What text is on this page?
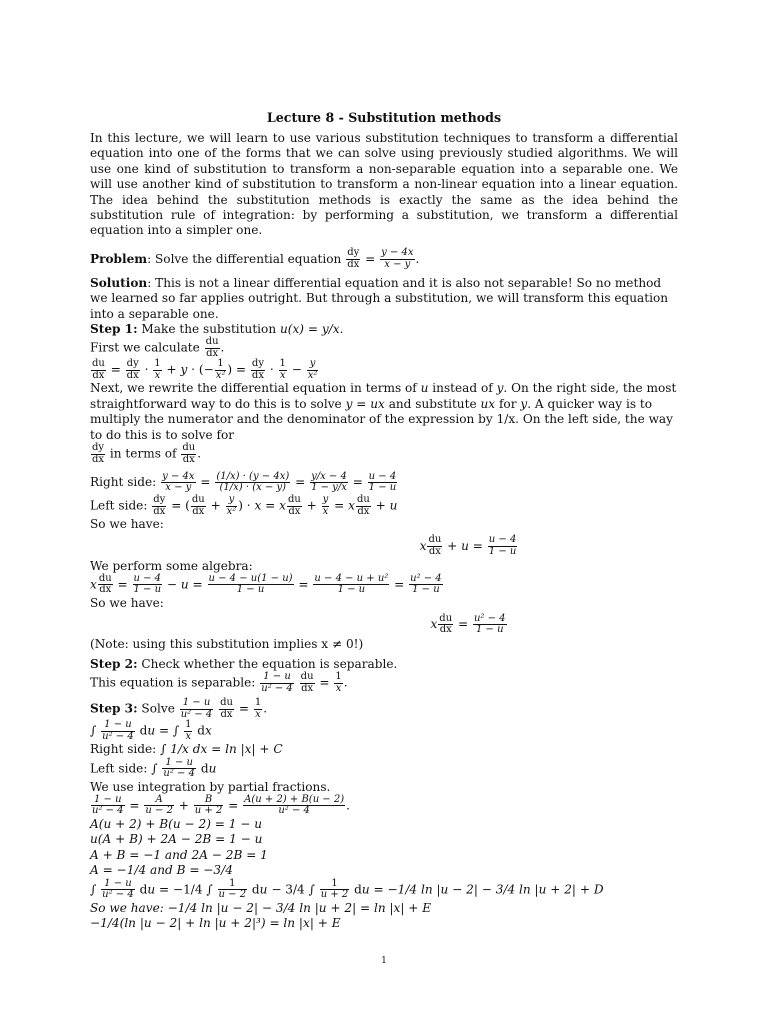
Lecture 8 - Substitution methods

In this lecture, we will learn to use various substitution techniques to transform a differential equation into one of the forms that we can solve using previously studied algorithms. We will use one kind of substitution to transform a non-separable equation into a separable one. We will use another kind of substitution to transform a non-linear equation into a linear equation. The idea behind the substitution methods is exactly the same as the idea behind the substitution rule of integration: by performing a substitution, we transform a differential equation into a simpler one.

Problem: Solve the differential equation $\frac{dy}{dx} = \frac{y - 4x}{x - y}$ .

Solution: This is not a linear differential equation and it is also not separable! So no method we learned so far applies outright. But through a substitution, we will transform this equation into a separable one.

Step 1: Make the substitution u(x) = y/x.

First we calculate $\frac{du}{dx}$ .

$\frac{du}{dx} = \frac{dy}{dx} \cdot \frac{1}{x} + y$ · (− $\frac{1}{\text{x²}}$ ) = $\frac{dy}{dx} \cdot \frac{1}{x} - \frac{y}{\text{x²}}$

Next, we rewrite the differential equation in terms of u instead of y. On the right side, the most straightforward way to do this is to solve y = ux and substitute ux for y. A quicker way is to multiply the numerator and the denominator of the expression by 1/x. On the left side, the way to do this is to solve for

$\frac{dy}{dx}$ in terms of $\frac{du}{dx}$ .

Right side: $\frac{y - 4x}{x - y} = \frac{(1/x) \cdot (y - 4x)}{(1/x) \cdot (x - y)} = \frac{y/x - 4}{1 - y/x} = \frac{u - 4}{1 - u}$

Left side: $\frac{dy}{dx}$ = ( $\frac{du}{dx} + \frac{y}{\text{x²}}$ ) · x = x $\frac{du}{dx} + \frac{y}{x} = x \frac{du}{dx} + u$

So we have:

x $\frac{du}{dx} + u = \frac{u - 4}{1 - u}$

We perform some algebra:

x $\frac{du}{dx} = \frac{u - 4}{1 - u} - u = \frac{u - 4 - u(1 - u)}{1 - u} = \frac{\text{u − 4 − u + u²}}{1 - u} = \frac{\text{u² − 4}}{1 - u}$

So we have:

x $\frac{du}{dx} = \frac{\text{u² − 4}}{1 - u}$

(Note: using this substitution implies x ≠ 0!)

Step 2: Check whether the equation is separable.

This equation is separable: $\frac{1 - u}{\text{u² − 4}}$
$\frac{du}{dx} = \frac{1}{x}$ .

Step 3: Solve $\frac{1 - u}{\text{u² − 4}}$
$\frac{du}{dx} = \frac{1}{x}$ .

∫ $\frac{1 - u}{\text{u² − 4}}$ du = ∫ $\frac{1}{x}$ dx

Right side: ∫ 1/x dx = ln |x| + C

Left side: ∫ $\frac{1 - u}{\text{u² − 4}}$ du

We use integration by partial fractions.

$\frac{1 - u}{\text{u² − 4}} = \frac{A}{u - 2} + \frac{B}{u + 2} = \frac{A(u + 2) + B(u - 2)}{\text{u² − 4}}$ .

A(u + 2) + B(u − 2) = 1 − u

u(A + B) + 2A − 2B = 1 − u

A + B = −1 and 2A − 2B = 1

A = −1/4 and B = −3/4

∫ $\frac{1 - u}{\text{u² − 4}}$ du = −1/4 ∫ $\frac{1}{u - 2}$ du − 3/4 ∫ $\frac{1}{u + 2}$ du = −1/4 ln |u − 2| − 3/4 ln |u + 2| + D

So we have: −1/4 ln |u − 2| − 3/4 ln |u + 2| = ln |x| + E

−1/4(ln |u − 2| + ln |u + 2|³) = ln |x| + E

1
